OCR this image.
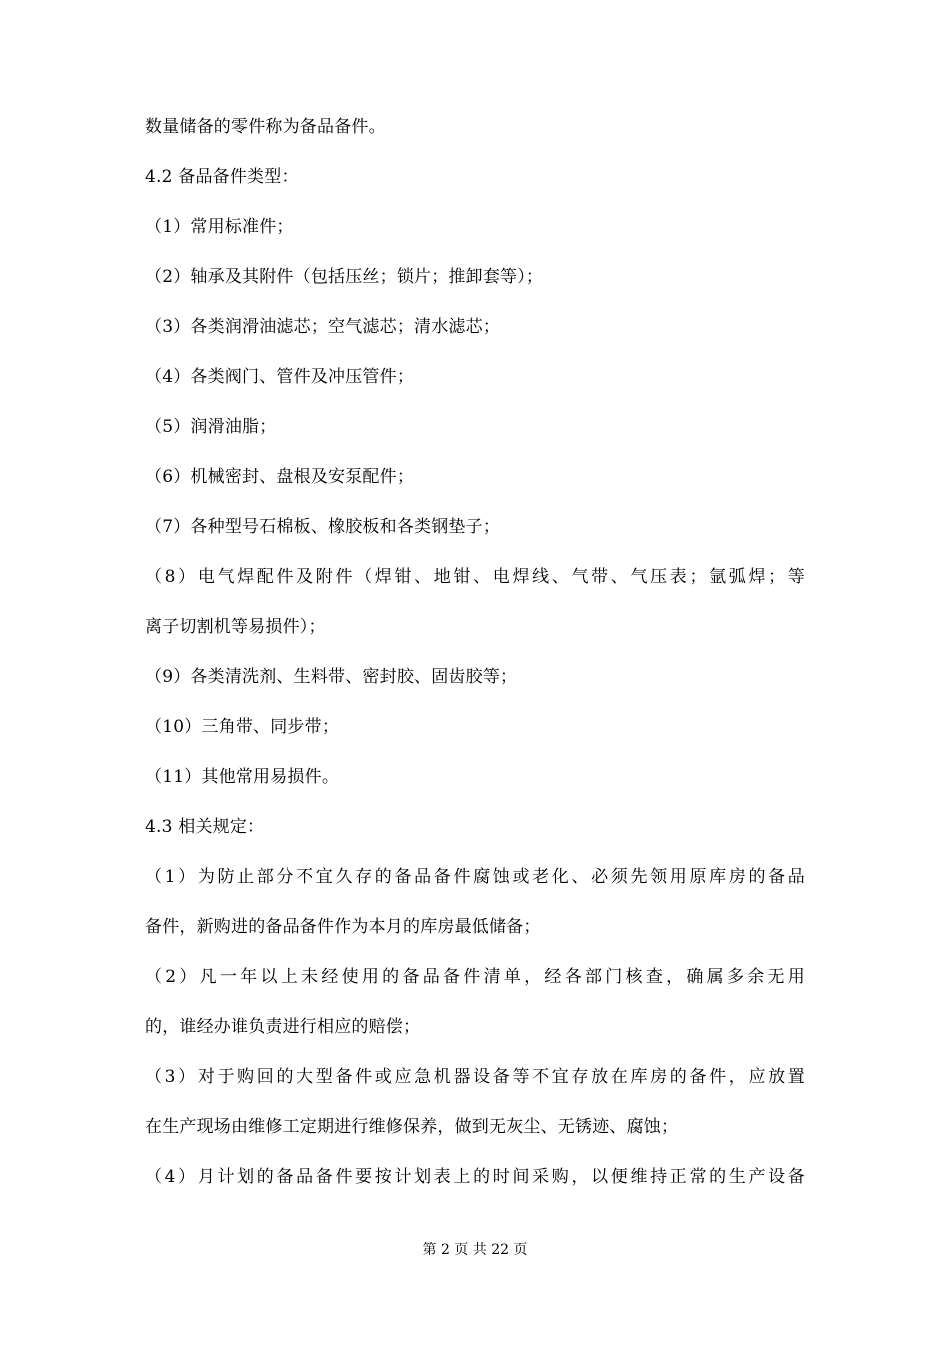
数量储备的零件称为备品备件。
4.2 备品备件类型：
（1）常用标准件；
（2）轴承及其附件（包括压丝；锁片；推卸套等）；
（3）各类润滑油滤芯；空气滤芯；清水滤芯；
（4）各类阀门、管件及冲压管件；
（5）润滑油脂；
（6）机械密封、盘根及安泵配件；
（7）各种型号石棉板、橡胶板和各类钢垫子；
（8）电气焊配件及附件（焊钳、地钳、电焊线、气带、气压表；氩弧焊；等
离子切割机等易损件）；
（9）各类清洗剂、生料带、密封胶、固齿胶等；
（10）三角带、同步带；
（11）其他常用易损件。
4.3 相关规定：
（1）为防止部分不宜久存的备品备件腐蚀或老化、必须先领用原库房的备品
备件，新购进的备品备件作为本月的库房最低储备；
（2）凡一年以上未经使用的备品备件清单，经各部门核查，确属多余无用
的，谁经办谁负责进行相应的赔偿；
（3）对于购回的大型备件或应急机器设备等不宜存放在库房的备件，应放置
在生产现场由维修工定期进行维修保养，做到无灰尘、无锈迹、腐蚀；
（4）月计划的备品备件要按计划表上的时间采购，以便维持正常的生产设备
第 2 页 共 22 页
